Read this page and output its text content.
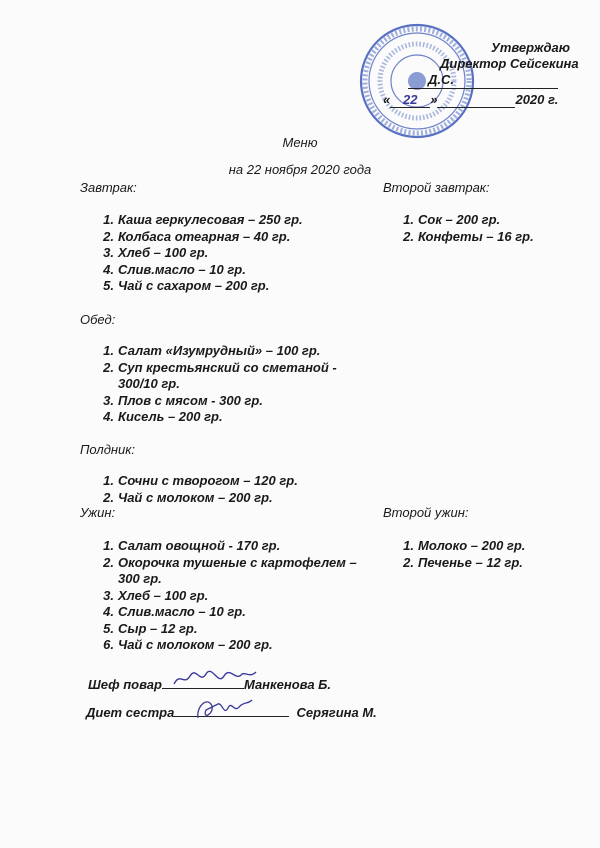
Утверждаю
Директор Сейсекина
Д.С.
« 22 »	2020 г.
Меню
на 22 ноября 2020 года
Завтрак:
1. Каша геркулесовая – 250 гр.
2. Колбаса отеарная – 40 гр.
3. Хлеб – 100 гр.
4. Слив.масло – 10 гр.
5. Чай с сахаром – 200 гр.
Второй завтрак:
1. Сок – 200 гр.
2. Конфеты – 16 гр.
Обед:
1. Салат «Изумрудный» – 100 гр.
2. Суп крестьянский со сметаной - 300/10 гр.
3. Плов с мясом - 300 гр.
4. Кисель – 200 гр.
Полдник:
1. Сочни с творогом – 120 гр.
2. Чай с молоком – 200 гр.
Ужин:
1. Салат овощной - 170 гр.
2. Окорочка тушеные с картофелем – 300 гр.
3. Хлеб – 100 гр.
4. Слив.масло – 10 гр.
5. Сыр – 12 гр.
6. Чай с молоком – 200 гр.
Второй ужин:
1. Молоко – 200 гр.
2. Печенье – 12 гр.
Шеф повар	Манкенова Б.
Диет сестра	Серягина М.
